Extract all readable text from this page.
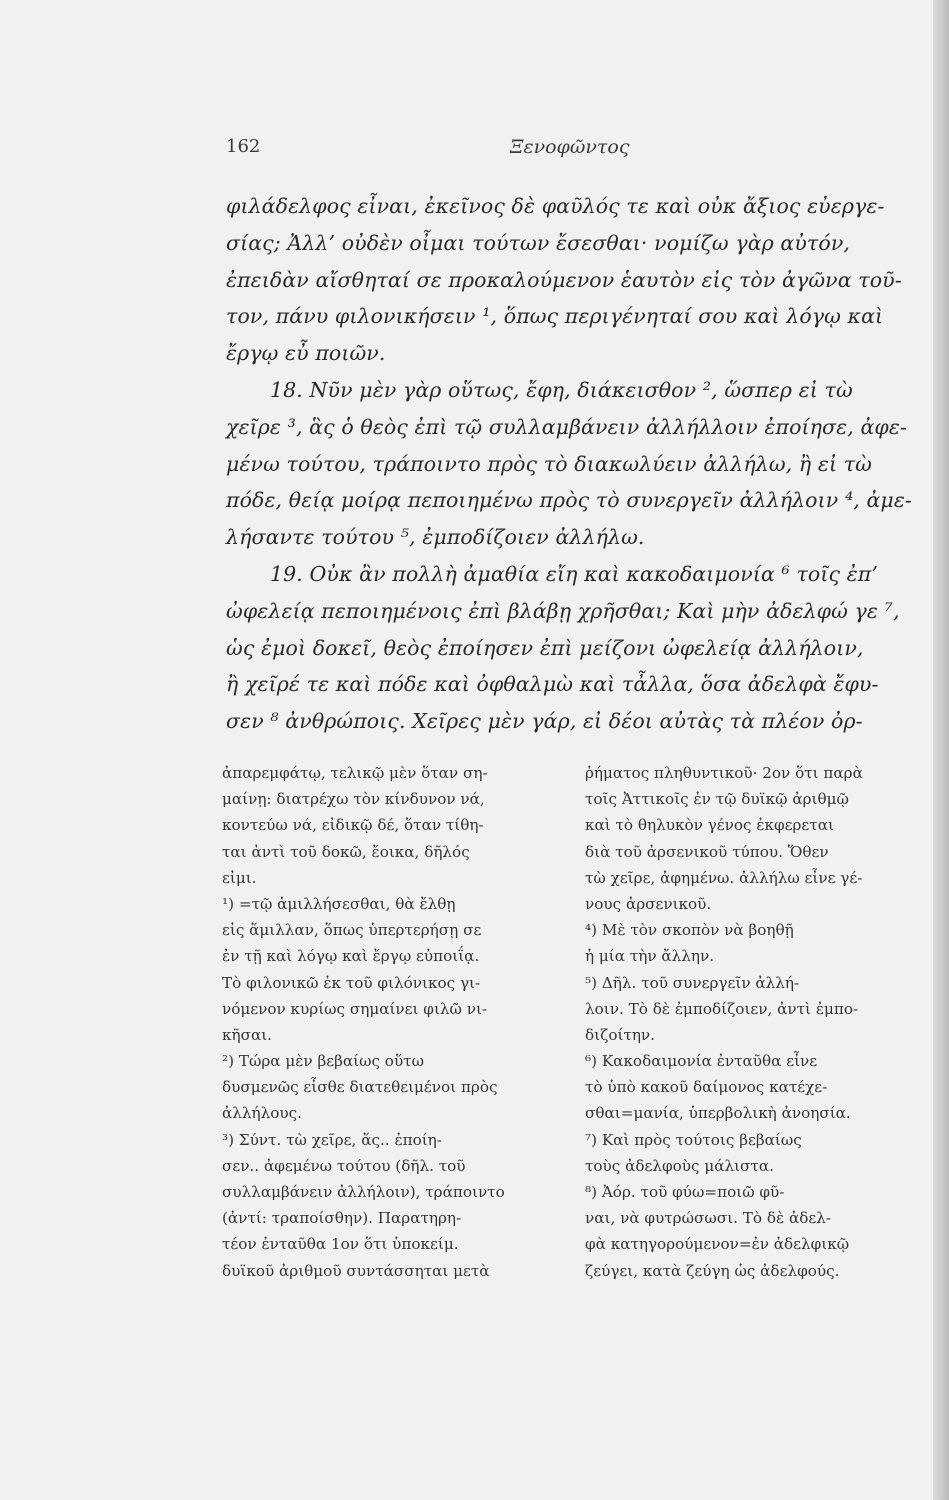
162	Ξενοφῶντος
φιλάδελφος εἶναι, ἐκεῖνος δὲ φαῦλός τε καὶ οὐκ ἄξιος εὐεργε-
σίας; Ἀλλ’ οὐδὲν οἶμαι τούτων ἔσεσθαι· νομίζω γὰρ αὐτόν,
ἐπειδὰν αἴσθηταί σε προκαλούμενον ἑαυτὸν εἰς τὸν ἀγῶνα τοῦ-
τον, πάνυ φιλονικήσειν ¹, ὅπως περιγένηταί σου καὶ λόγῳ καὶ
ἔργῳ εὖ ποιῶν.
18. Νῦν μὲν γὰρ οὕτως, ἔφη, διάκεισθον ², ὥσπερ εἰ τὼ
χεῖρε ³, ἃς ὁ θεὸς ἐπὶ τῷ συλλαμβάνειν ἀλλήλλοιν ἐποίησε, ἀφε-
μένω τούτου, τράποιντο πρὸς τὸ διακωλύειν ἀλλήλω, ἢ εἰ τὼ
πόδε, θείᾳ μοίρᾳ πεποιημένω πρὸς τὸ συνεργεῖν ἀλλήλοιν ⁴, ἀμε-
λήσαντε τούτου ⁵, ἐμποδίζοιεν ἀλλήλω.
19. Οὐκ ἂν πολλὴ ἀμαθία εἴη καὶ κακοδαιμονία ⁶ τοῖς ἐπ’
ὠφελείᾳ πεποιημένοις ἐπὶ βλάβῃ χρῆσθαι; Καὶ μὴν ἀδελφώ γε ⁷,
ὡς ἐμοὶ δοκεῖ, θεὸς ἐποίησεν ἐπὶ μείζονι ὠφελείᾳ ἀλλήλοιν,
ἢ χεῖρέ τε καὶ πόδε καὶ ὀφθαλμὼ καὶ τἆλλα, ὅσα ἀδελφὰ ἔφυ-
σεν ⁸ ἀνθρώποις. Χεῖρες μὲν γάρ, εἰ δέοι αὐτὰς τὰ πλέον ὀρ-
ἀπαρεμφάτῳ, τελικῷ μὲν ὅταν ση-
μαίνῃ: διατρέχω τὸν κίνδυνον νά,
κοντεύω νά, εἰδικῷ δέ, ὅταν τίθη-
ται ἀντὶ τοῦ δοκῶ, ἔοικα, δῆλός
εἰμι.
¹) =τῷ ἁμιλλήσεσθαι, θὰ ἔλθῃ
εἰς ἅμιλλαν, ὅπως ὑπερτερήσῃ σε
ἐν τῇ καὶ λόγῳ καὶ ἔργῳ εὐποιΐᾳ.
Τὸ φιλονικῶ ἐκ τοῦ φιλόνικος γι-
νόμενον κυρίως σημαίνει φιλῶ νι-
κῆσαι.
²) Τώρα μὲν βεβαίως οὕτω
δυσμενῶς εἶσθε διατεθειμένοι πρὸς
ἀλλήλους.
³) Σύντ. τὼ χεῖρε, ἅς.. ἐποίη-
σεν.. ἀφεμένω τούτου (δῆλ. τοῦ
συλλαμβάνειν ἀλλήλοιν), τράποιντο
(ἀντί: τραποίσθην). Παρατηρη-
τέον ἐνταῦθα 1ον ὅτι ὑποκείμ.
δυϊκοῦ ἀριθμοῦ συντάσσηται μετὰ
ῥήματος πληθυντικοῦ· 2ον ὅτι παρὰ
τοῖς Ἀττικοῖς ἐν τῷ δυϊκῷ ἀριθμῷ
καὶ τὸ θηλυκὸν γένος ἐκφερεται
διὰ τοῦ ἀρσενικοῦ τύπου. Ὅθεν
τὼ χεῖρε, ἀφημένω. ἀλλήλω εἶνε γέ-
νους ἀρσενικοῦ.
⁴) Μὲ τὸν σκοπὸν νὰ βοηθῇ
ἡ μία τὴν ἄλλην.
⁵) Δῆλ. τοῦ συνεργεῖν ἀλλή-
λοιν. Τὸ δὲ ἐμποδίζοιεν, ἀντὶ ἐμπο-
διζοίτην.
⁶) Κακοδαιμονία ἐνταῦθα εἶνε
τὸ ὑπὸ κακοῦ δαίμονος κατέχε-
σθαι=μανία, ὑπερβολικὴ ἀνοησία.
⁷) Καὶ πρὸς τούτοις βεβαίως
τοὺς ἀδελφοὺς μάλιστα.
⁸) Ἀόρ. τοῦ φύω=ποιῶ φῦ-
ναι, νὰ φυτρώσωσι. Τὸ δὲ ἀδελ-
φὰ κατηγορούμενον=ἐν ἀδελφικῷ
ζεύγει, κατὰ ζεύγη ὡς ἀδελφούς.
